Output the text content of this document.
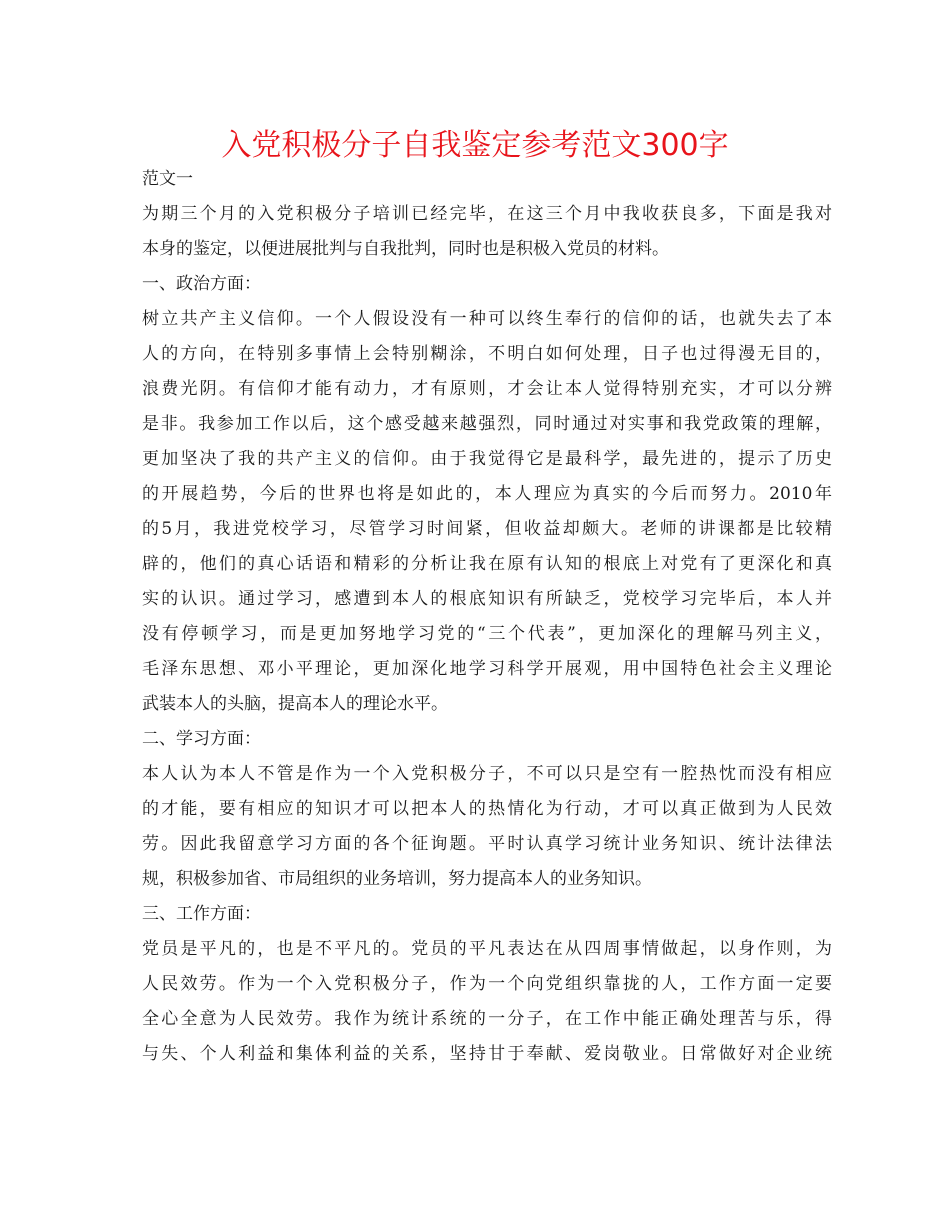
入党积极分子自我鉴定参考范文300字
范文一
为期三个月的入党积极分子培训已经完毕，在这三个月中我收获良多，下面是我对
本身的鉴定，以便进展批判与自我批判，同时也是积极入党员的材料。
一、政治方面：
树立共产主义信仰。一个人假设没有一种可以终生奉行的信仰的话，也就失去了本
人的方向，在特别多事情上会特别糊涂，不明白如何处理，日子也过得漫无目的，
浪费光阴。有信仰才能有动力，才有原则，才会让本人觉得特别充实，才可以分辨
是非。我参加工作以后，这个感受越来越强烈，同时通过对实事和我党政策的理解，
更加坚决了我的共产主义的信仰。由于我觉得它是最科学，最先进的，提示了历史
的开展趋势，今后的世界也将是如此的，本人理应为真实的今后而努力。2010年
的5月，我进党校学习，尽管学习时间紧，但收益却颇大。老师的讲课都是比较精
辟的，他们的真心话语和精彩的分析让我在原有认知的根底上对党有了更深化和真
实的认识。通过学习，感遭到本人的根底知识有所缺乏，党校学习完毕后，本人并
没有停顿学习，而是更加努地学习党的“三个代表”，更加深化的理解马列主义，
毛泽东思想、邓小平理论，更加深化地学习科学开展观，用中国特色社会主义理论
武装本人的头脑，提高本人的理论水平。
二、学习方面：
本人认为本人不管是作为一个入党积极分子，不可以只是空有一腔热忱而没有相应
的才能，要有相应的知识才可以把本人的热情化为行动，才可以真正做到为人民效
劳。因此我留意学习方面的各个征询题。平时认真学习统计业务知识、统计法律法
规，积极参加省、市局组织的业务培训，努力提高本人的业务知识。
三、工作方面：
党员是平凡的，也是不平凡的。党员的平凡表达在从四周事情做起，以身作则，为
人民效劳。作为一个入党积极分子，作为一个向党组织靠拢的人，工作方面一定要
全心全意为人民效劳。我作为统计系统的一分子，在工作中能正确处理苦与乐，得
与失、个人利益和集体利益的关系，坚持甘于奉献、爱岗敬业。日常做好对企业统
